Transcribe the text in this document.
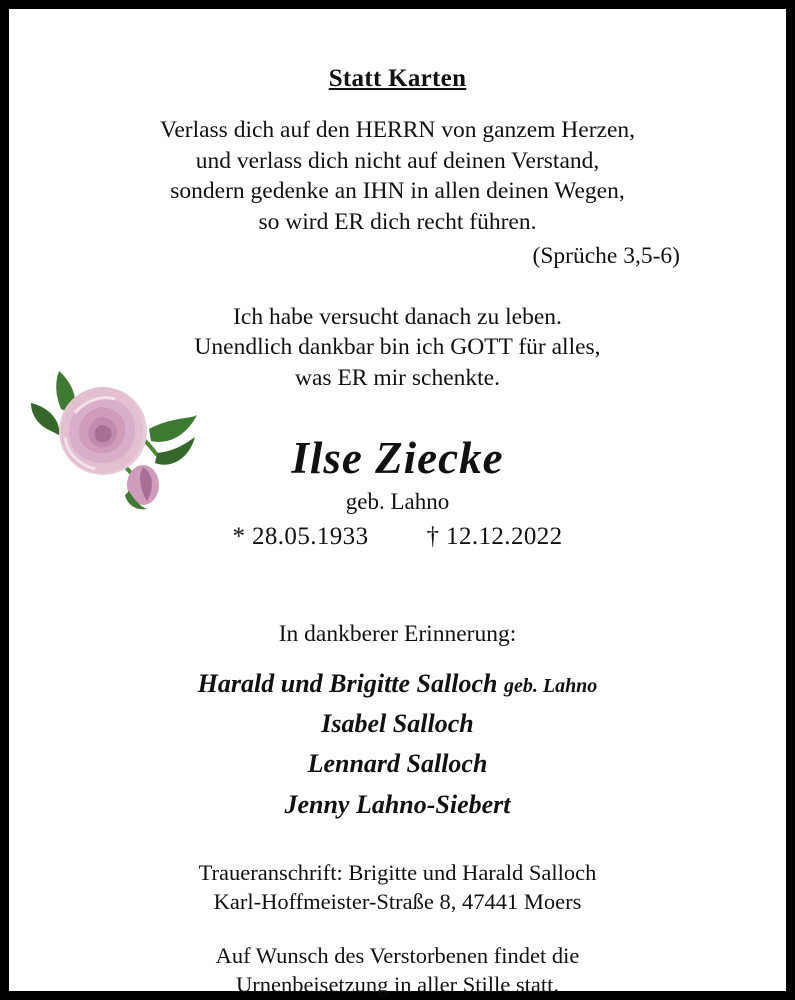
Statt Karten
Verlass dich auf den HERRN von ganzem Herzen,
und verlass dich nicht auf deinen Verstand,
sondern gedenke an IHN in allen deinen Wegen,
so wird ER dich recht führen.
(Sprüche 3,5-6)
Ich habe versucht danach zu leben.
Unendlich dankbar bin ich GOTT für alles,
was ER mir schenkte.
Ilse Ziecke
geb. Lahno
* 28.05.1933 † 12.12.2022
In dankberer Erinnerung:
Harald und Brigitte Salloch geb. Lahno
Isabel Salloch
Lennard Salloch
Jenny Lahno-Siebert
Traueranschrift: Brigitte und Harald Salloch
Karl-Hoffmeister-Straße 8, 47441 Moers
Auf Wunsch des Verstorbenen findet die
Urnenbeisetzung in aller Stille statt.
